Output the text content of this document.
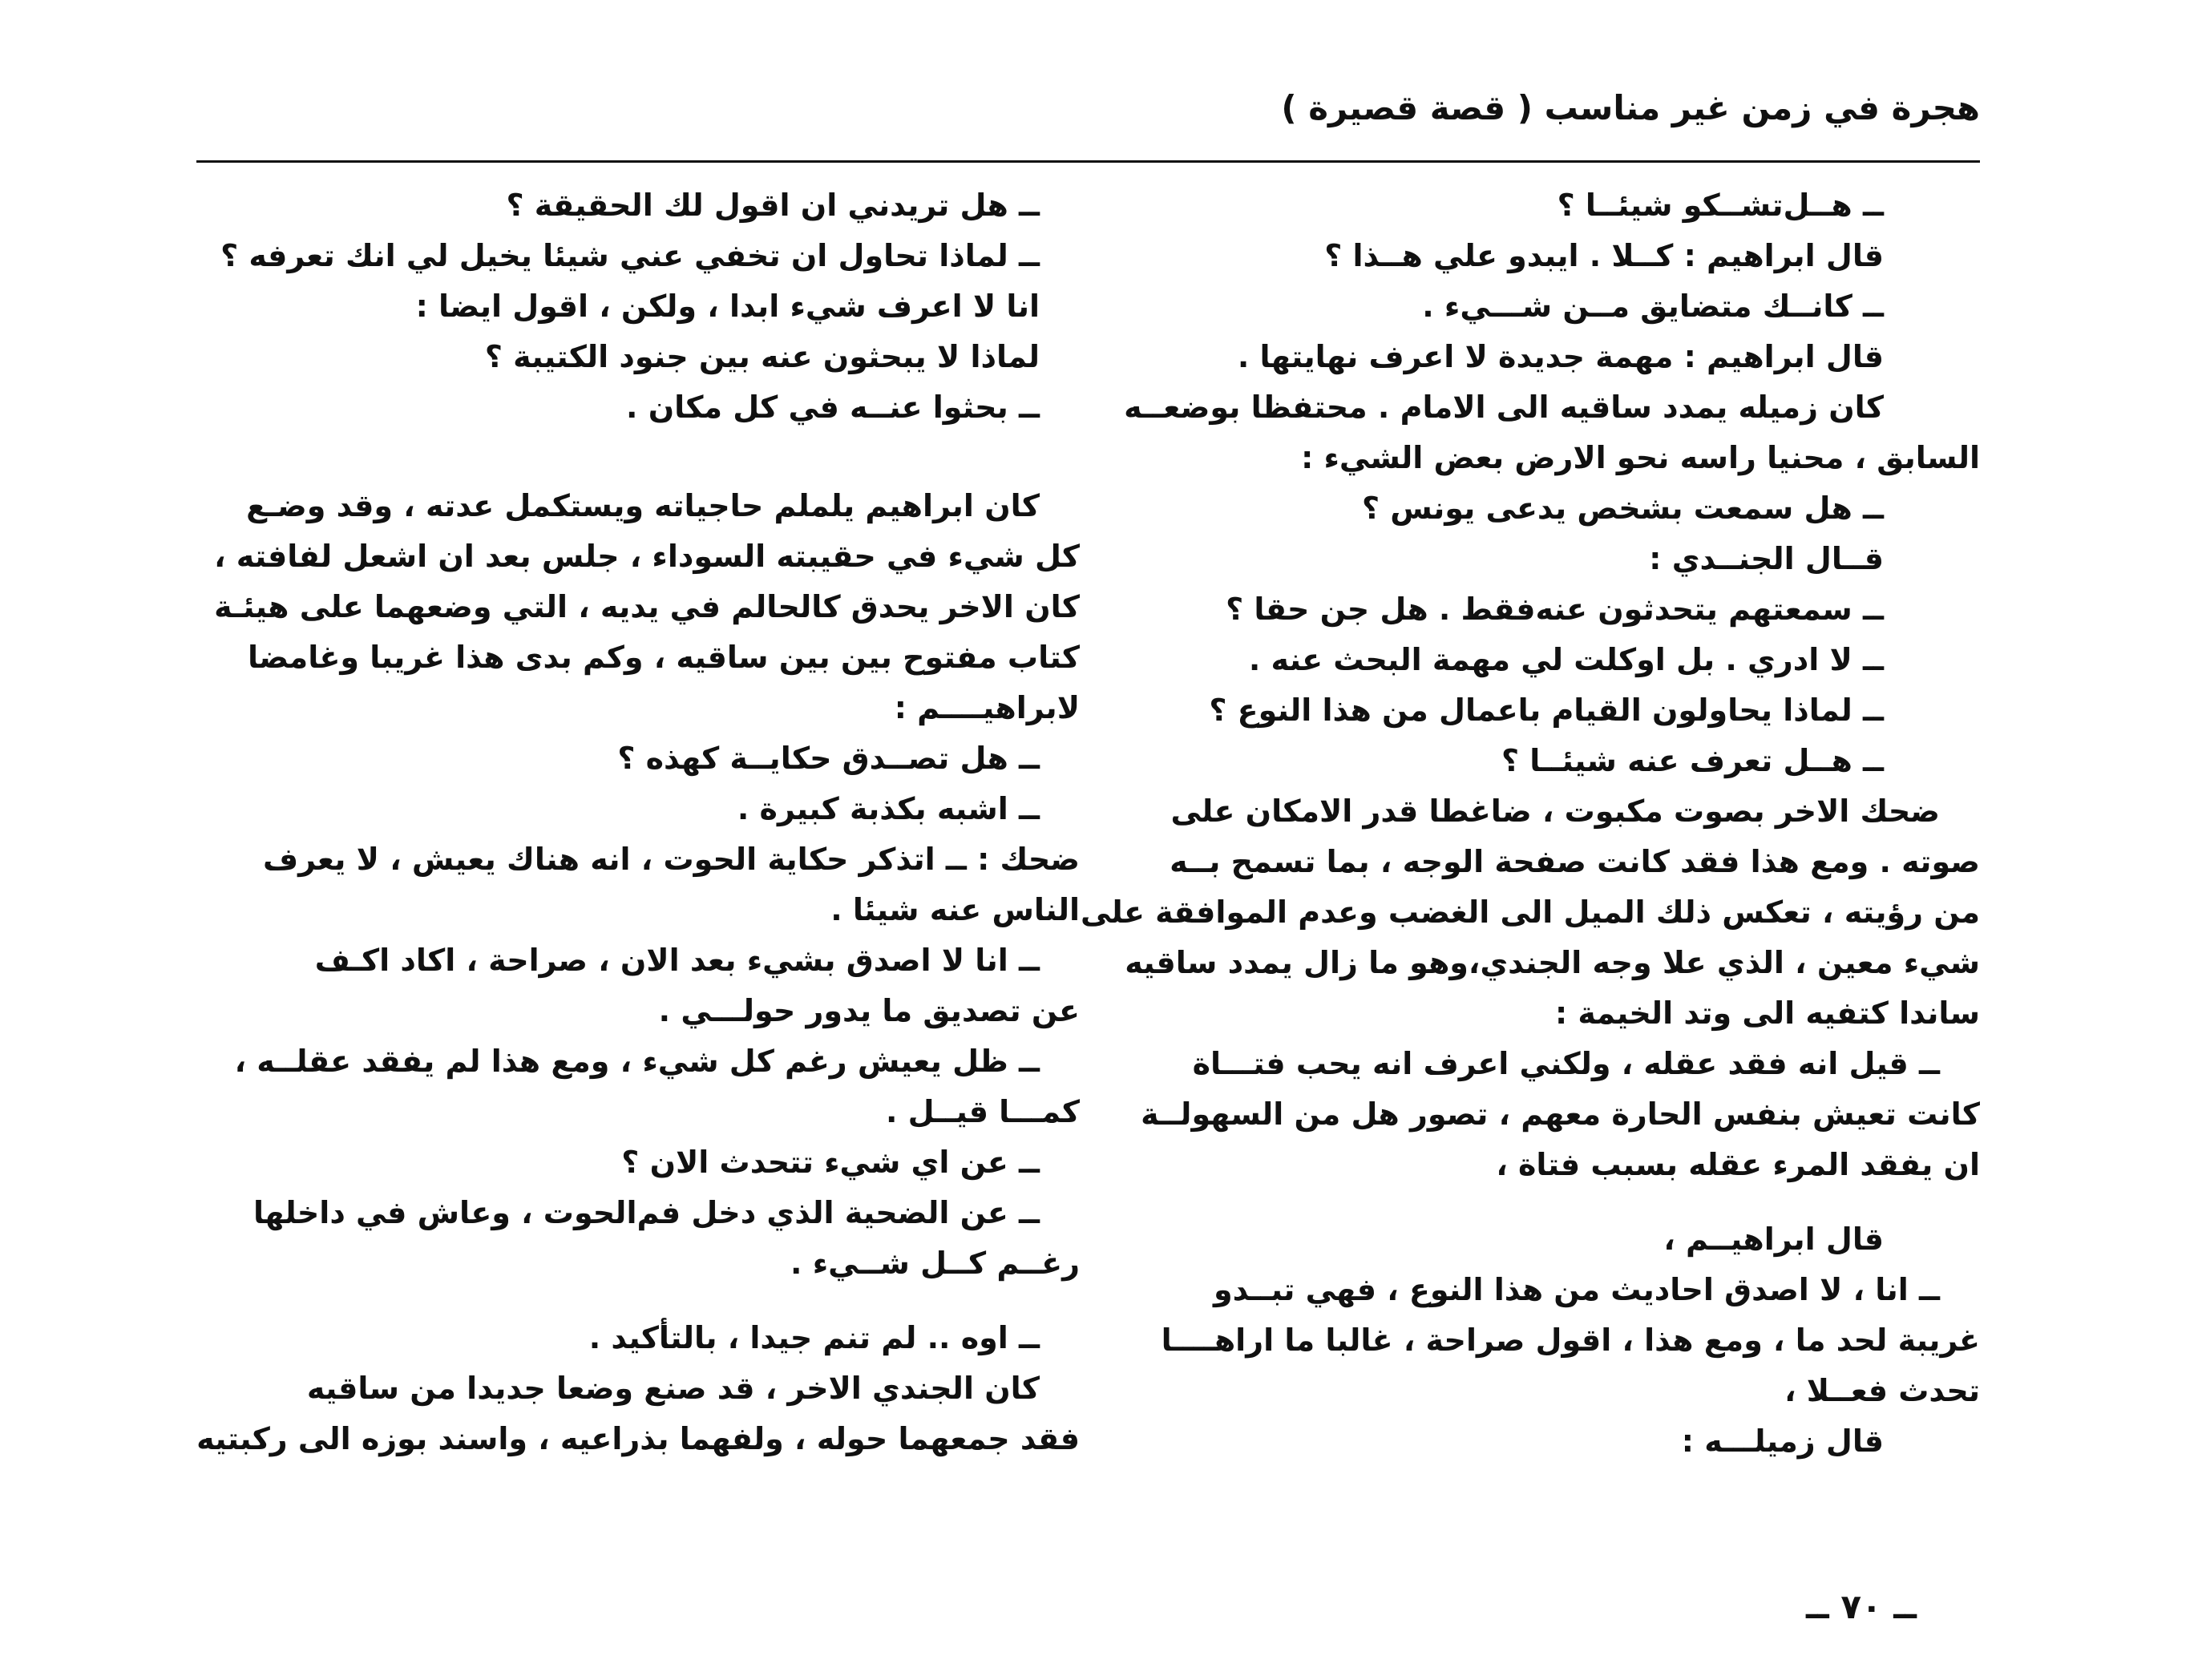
هجرة في زمن غير مناسب ( قصة قصيرة )
ــ هــل‌تشــكو شيئــا ؟
قال ابراهيم : كــلا . ايبدو علي هــذا ؟
ــ كانــك متضايق مــن شـــيء .
قال ابراهيم : مهمة جديدة لا اعرف نهايتها .
كان زميله يمدد ساقيه الى الامام . محتفظا بوضعــه
السابق ، محنيا راسه نحو الارض بعض الشيء :
ــ هل سمعت بشخص يدعى يونس ؟
قــال الجنــدي :
ــ سمعتهم يتحدثون عنه‌فقط . هل جن حقا ؟
ــ لا ادري . بل اوكلت لي مهمة البحث عنه .
ــ لماذا يحاولون القيام باعمال من هذا النوع ؟
ــ هــل تعرف عنه شيئــا ؟
ضحك الاخر بصوت مكبوت ، ضاغطا قدر الامكان على
صوته . ومع هذا فقد كانت صفحة الوجه ، بما تسمح بــه
من رؤيته ، تعكس ذلك الميل الى الغضب وعدم الموافقة على
شيء معين ، الذي علا وجه الجندي،وهو ما زال يمدد ساقيه
ساندا كتفيه الى وتد الخيمة :
ــ قيل انه فقد عقله ، ولكني اعرف انه يحب فتـــاة
كانت تعيش بنفس الحارة معهم ، تصور هل من السهولــة
ان يفقد المرء عقله بسبب فتاة ،
قال ابراهيــم ،
ــ انا ، لا اصدق احاديث من هذا النوع ، فهي تبــدو
غريبة لحد ما ، ومع هذا ، اقول صراحة ، غالبا ما اراهــــا
تحدث فعــلا ،
قال زميلـــه :
ــ هل تريدني ان اقول لك الحقيقة ؟
ــ لماذا تحاول ان تخفي عني شيئا يخيل لي انك تعرفه ؟
انا لا اعرف شيء ابدا ، ولكن ، اقول ايضا :
لماذا لا يبحثون عنه بين جنود الكتيبة ؟
ــ بحثوا عنــه في كل مكان .
كان ابراهيم يلملم حاجياته ويستكمل عدته ، وقد وضـع
كل شيء في حقيبته السوداء ، جلس بعد ان اشعل لفافته ،
كان الاخر يحدق كالحالم في يديه ، التي وضعهما على هيئـة
كتاب مفتوح بين بين ساقيه ، وكم بدى هذا غريبا وغامضا
لابراهيــــم :
ــ هل تصــدق حكايــة كهذه ؟
ــ اشبه بكذبة كبيرة .
ضحك : ــ اتذكر حكاية الحوت ، انه هناك يعيش ، لا يعرف
الناس عنه شيئا .
ــ انا لا اصدق بشيء بعد الان ، صراحة ، اكاد اكـف
عن تصديق ما يدور حولـــي .
ــ ظل يعيش رغم كل شيء ، ومع هذا لم يفقد عقلــه ،
كمـــا قيــل .
ــ عن اي شيء تتحدث الان ؟
ــ عن الضحية الذي دخل فم‌الحوت ، وعاش في داخلها
رغــم كــل شــيء .
ــ اوه .. لم تنم جيدا ، بالتأكيد .
كان الجندي الاخر ، قد صنع وضعا جديدا من ساقيه
فقد جمعهما حوله ، ولفهما بذراعيه ، واسند بوزه الى ركبتيه
ــ ٧٠ ــ
